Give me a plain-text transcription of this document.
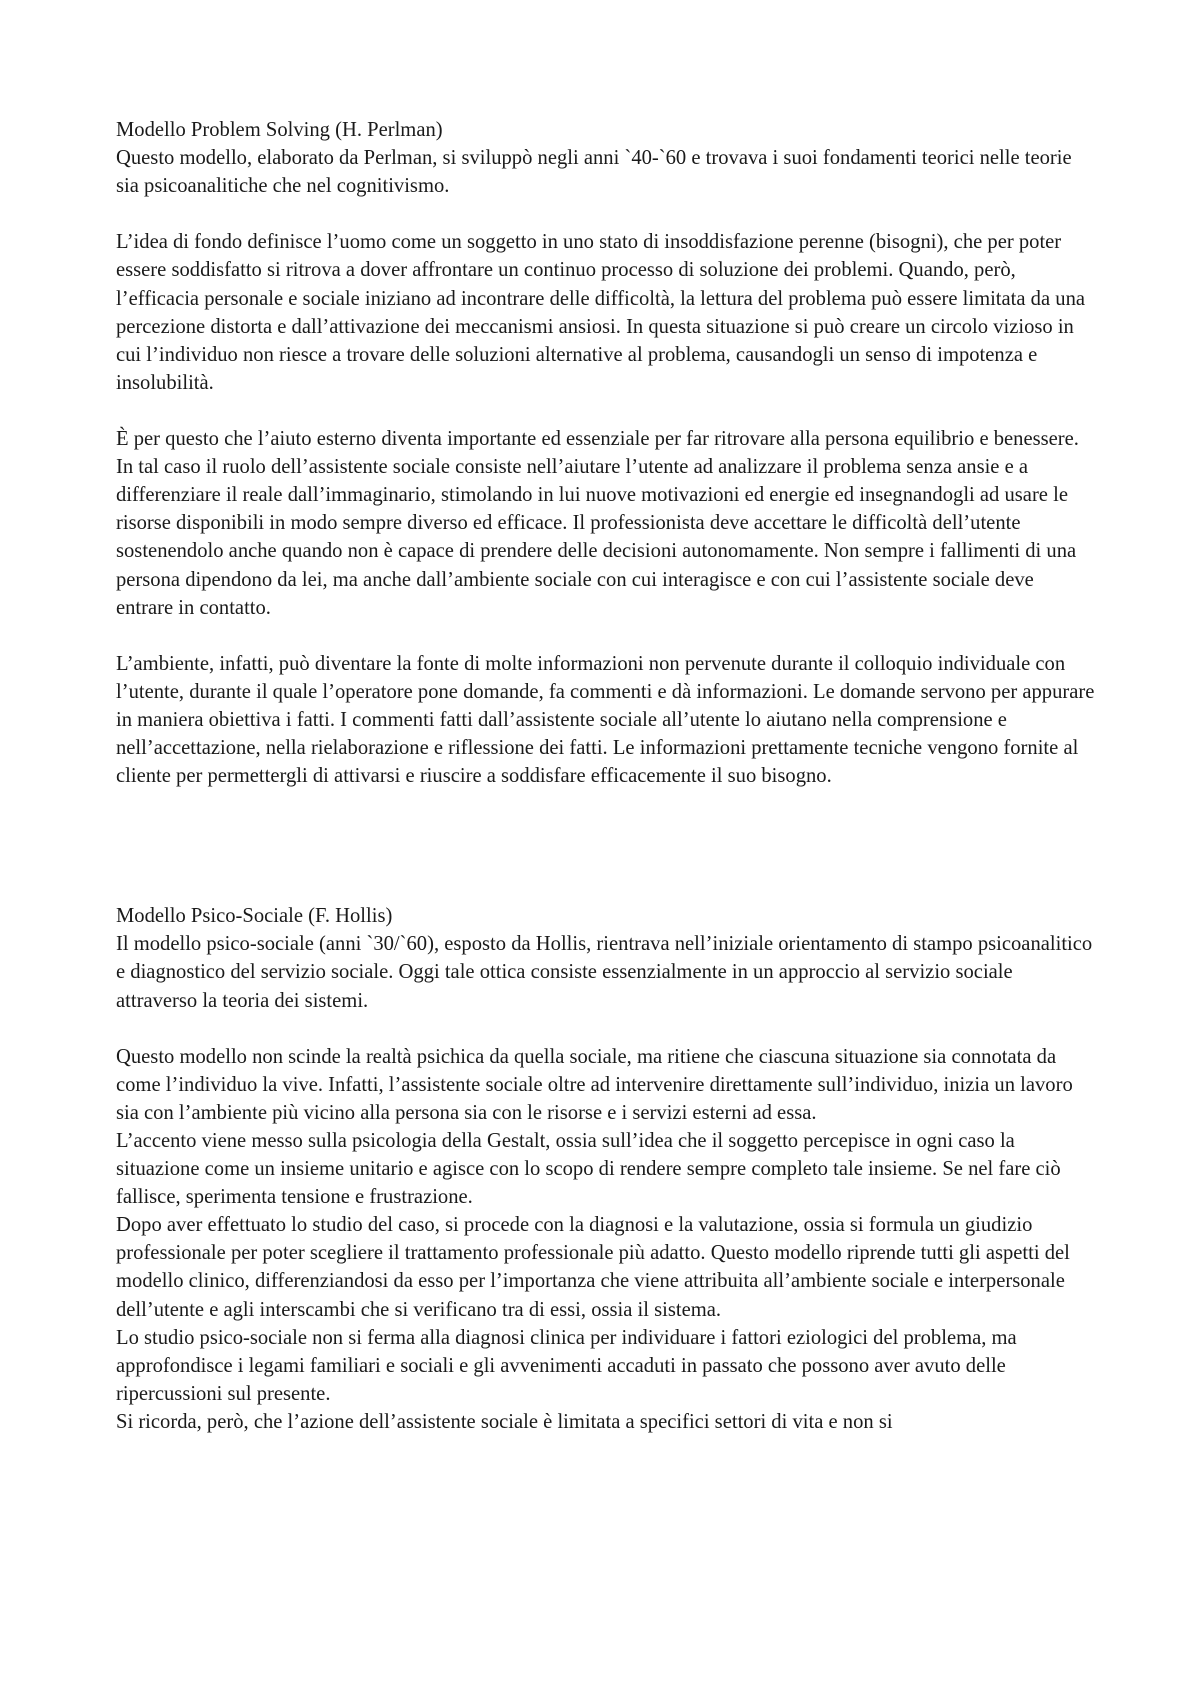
Modello Problem Solving (H. Perlman)

Questo modello, elaborato da Perlman, si sviluppò negli anni `40-`60 e trovava i suoi fondamenti teorici nelle teorie sia psicoanalitiche che nel cognitivismo.

L’idea di fondo definisce l’uomo come un soggetto in uno stato di insoddisfazione perenne (bisogni), che per poter essere soddisfatto si ritrova a dover affrontare un continuo processo di soluzione dei problemi. Quando, però, l’efficacia personale e sociale iniziano ad incontrare delle difficoltà, la lettura del problema può essere limitata da una percezione distorta e dall’attivazione dei meccanismi ansiosi. In questa situazione si può creare un circolo vizioso in cui l’individuo non riesce a trovare delle soluzioni alternative al problema, causandogli un senso di impotenza e insolubilità.

È per questo che l’aiuto esterno diventa importante ed essenziale per far ritrovare alla persona equilibrio e benessere. In tal caso il ruolo dell’assistente sociale consiste nell’aiutare l’utente ad analizzare il problema senza ansie e a differenziare il reale dall’immaginario, stimolando in lui nuove motivazioni ed energie ed insegnandogli ad usare le risorse disponibili in modo sempre diverso ed efficace. Il professionista deve accettare le difficoltà dell’utente sostenendolo anche quando non è capace di prendere delle decisioni autonomamente. Non sempre i fallimenti di una persona dipendono da lei, ma anche dall’ambiente sociale con cui interagisce e con cui l’assistente sociale deve entrare in contatto.

L’ambiente, infatti, può diventare la fonte di molte informazioni non pervenute durante il colloquio individuale con l’utente, durante il quale l’operatore pone domande, fa commenti e dà informazioni. Le domande servono per appurare in maniera obiettiva i fatti. I commenti fatti dall’assistente sociale all’utente lo aiutano nella comprensione e nell’accettazione, nella rielaborazione e riflessione dei fatti. Le informazioni prettamente tecniche vengono fornite al cliente per permettergli di attivarsi e riuscire a soddisfare efficacemente il suo bisogno.

Modello Psico-Sociale (F. Hollis)

Il modello psico-sociale (anni `30/`60), esposto da Hollis, rientrava nell’iniziale orientamento di stampo psicoanalitico e diagnostico del servizio sociale. Oggi tale ottica consiste essenzialmente in un approccio al servizio sociale attraverso la teoria dei sistemi.

Questo modello non scinde la realtà psichica da quella sociale, ma ritiene che ciascuna situazione sia connotata da come l’individuo la vive. Infatti, l’assistente sociale oltre ad intervenire direttamente sull’individuo, inizia un lavoro sia con l’ambiente più vicino alla persona sia con le risorse e i servizi esterni ad essa.

L’accento viene messo sulla psicologia della Gestalt, ossia sull’idea che il soggetto percepisce in ogni caso la situazione come un insieme unitario e agisce con lo scopo di rendere sempre completo tale insieme. Se nel fare ciò fallisce, sperimenta tensione e frustrazione.

Dopo aver effettuato lo studio del caso, si procede con la diagnosi e la valutazione, ossia si formula un giudizio professionale per poter scegliere il trattamento professionale più adatto. Questo modello riprende tutti gli aspetti del modello clinico, differenziandosi da esso per l’importanza che viene attribuita all’ambiente sociale e interpersonale dell’utente e agli interscambi che si verificano tra di essi, ossia il sistema.

Lo studio psico-sociale non si ferma alla diagnosi clinica per individuare i fattori eziologici del problema, ma approfondisce i legami familiari e sociali e gli avvenimenti accaduti in passato che possono aver avuto delle ripercussioni sul presente.

Si ricorda, però, che l’azione dell’assistente sociale è limitata a specifici settori di vita e non si
